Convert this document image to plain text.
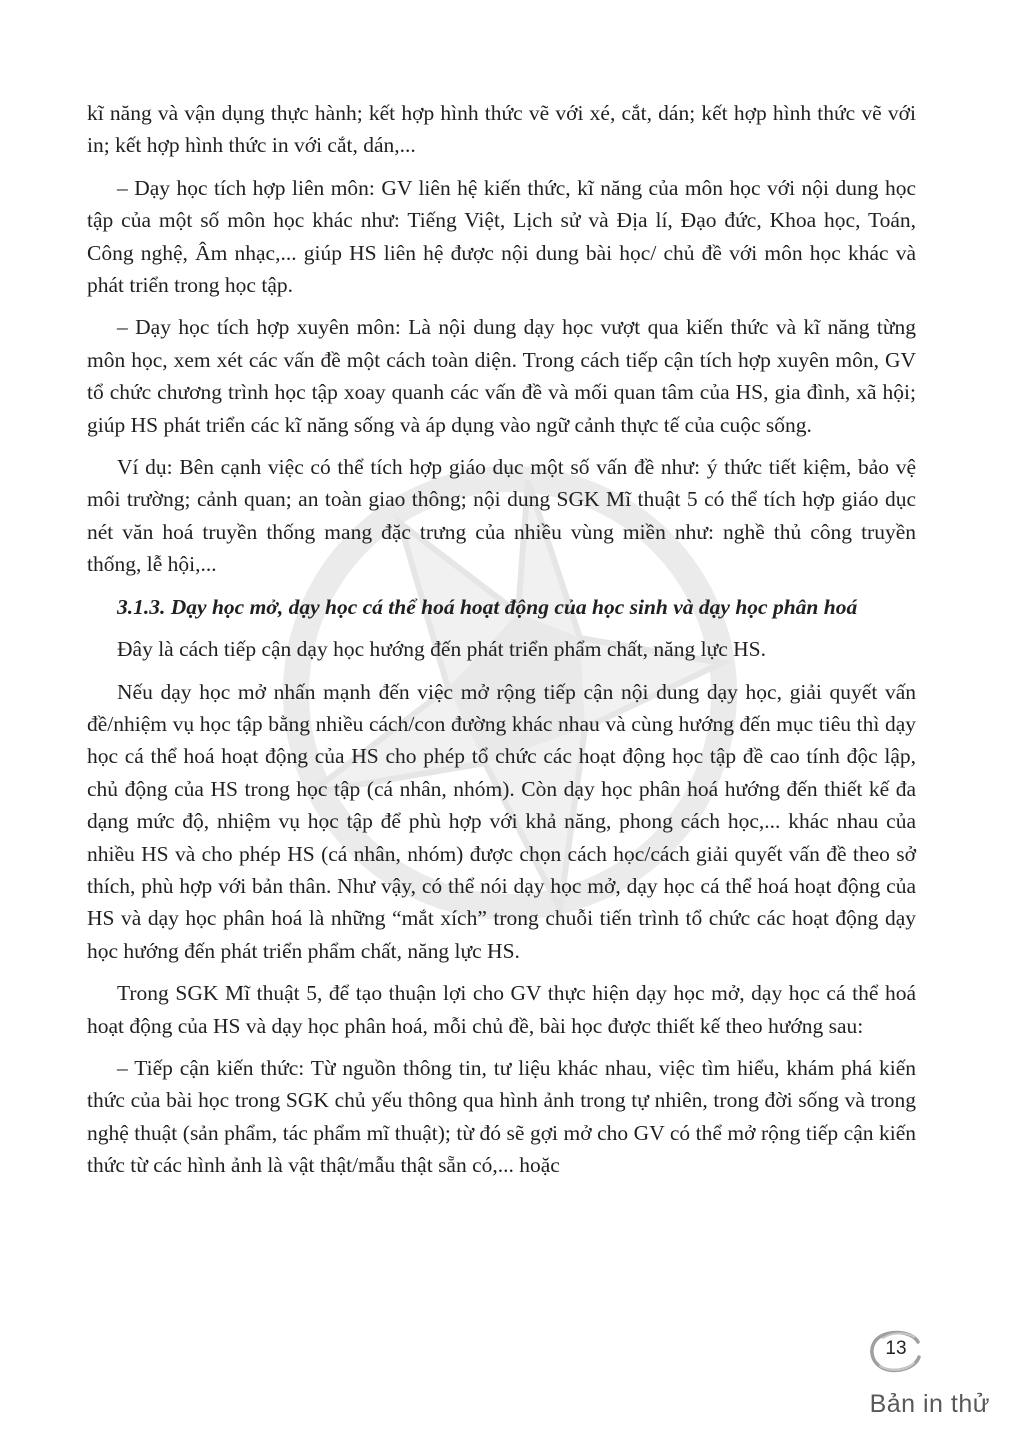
kĩ năng và vận dụng thực hành; kết hợp hình thức vẽ với xé, cắt, dán; kết hợp hình thức vẽ với in; kết hợp hình thức in với cắt, dán,...

– Dạy học tích hợp liên môn: GV liên hệ kiến thức, kĩ năng của môn học với nội dung học tập của một số môn học khác như: Tiếng Việt, Lịch sử và Địa lí, Đạo đức, Khoa học, Toán, Công nghệ, Âm nhạc,... giúp HS liên hệ được nội dung bài học/ chủ đề với môn học khác và phát triển trong học tập.

– Dạy học tích hợp xuyên môn: Là nội dung dạy học vượt qua kiến thức và kĩ năng từng môn học, xem xét các vấn đề một cách toàn diện. Trong cách tiếp cận tích hợp xuyên môn, GV tổ chức chương trình học tập xoay quanh các vấn đề và mối quan tâm của HS, gia đình, xã hội; giúp HS phát triển các kĩ năng sống và áp dụng vào ngữ cảnh thực tế của cuộc sống.

Ví dụ: Bên cạnh việc có thể tích hợp giáo dục một số vấn đề như: ý thức tiết kiệm, bảo vệ môi trường; cảnh quan; an toàn giao thông; nội dung SGK Mĩ thuật 5 có thể tích hợp giáo dục nét văn hoá truyền thống mang đặc trưng của nhiều vùng miền như: nghề thủ công truyền thống, lễ hội,...

3.1.3. Dạy học mở, dạy học cá thể hoá hoạt động của học sinh và dạy học phân hoá

Đây là cách tiếp cận dạy học hướng đến phát triển phẩm chất, năng lực HS.

Nếu dạy học mở nhấn mạnh đến việc mở rộng tiếp cận nội dung dạy học, giải quyết vấn đề/nhiệm vụ học tập bằng nhiều cách/con đường khác nhau và cùng hướng đến mục tiêu thì dạy học cá thể hoá hoạt động của HS cho phép tổ chức các hoạt động học tập đề cao tính độc lập, chủ động của HS trong học tập (cá nhân, nhóm). Còn dạy học phân hoá hướng đến thiết kế đa dạng mức độ, nhiệm vụ học tập để phù hợp với khả năng, phong cách học,... khác nhau của nhiều HS và cho phép HS (cá nhân, nhóm) được chọn cách học/cách giải quyết vấn đề theo sở thích, phù hợp với bản thân. Như vậy, có thể nói dạy học mở, dạy học cá thể hoá hoạt động của HS và dạy học phân hoá là những “mắt xích” trong chuỗi tiến trình tổ chức các hoạt động dạy học hướng đến phát triển phẩm chất, năng lực HS.

Trong SGK Mĩ thuật 5, để tạo thuận lợi cho GV thực hiện dạy học mở, dạy học cá thể hoá hoạt động của HS và dạy học phân hoá, mỗi chủ đề, bài học được thiết kế theo hướng sau:

– Tiếp cận kiến thức: Từ nguồn thông tin, tư liệu khác nhau, việc tìm hiểu, khám phá kiến thức của bài học trong SGK chủ yếu thông qua hình ảnh trong tự nhiên, trong đời sống và trong nghệ thuật (sản phẩm, tác phẩm mĩ thuật); từ đó sẽ gợi mở cho GV có thể mở rộng tiếp cận kiến thức từ các hình ảnh là vật thật/mẫu thật sẵn có,... hoặc

13
Bản in thử
